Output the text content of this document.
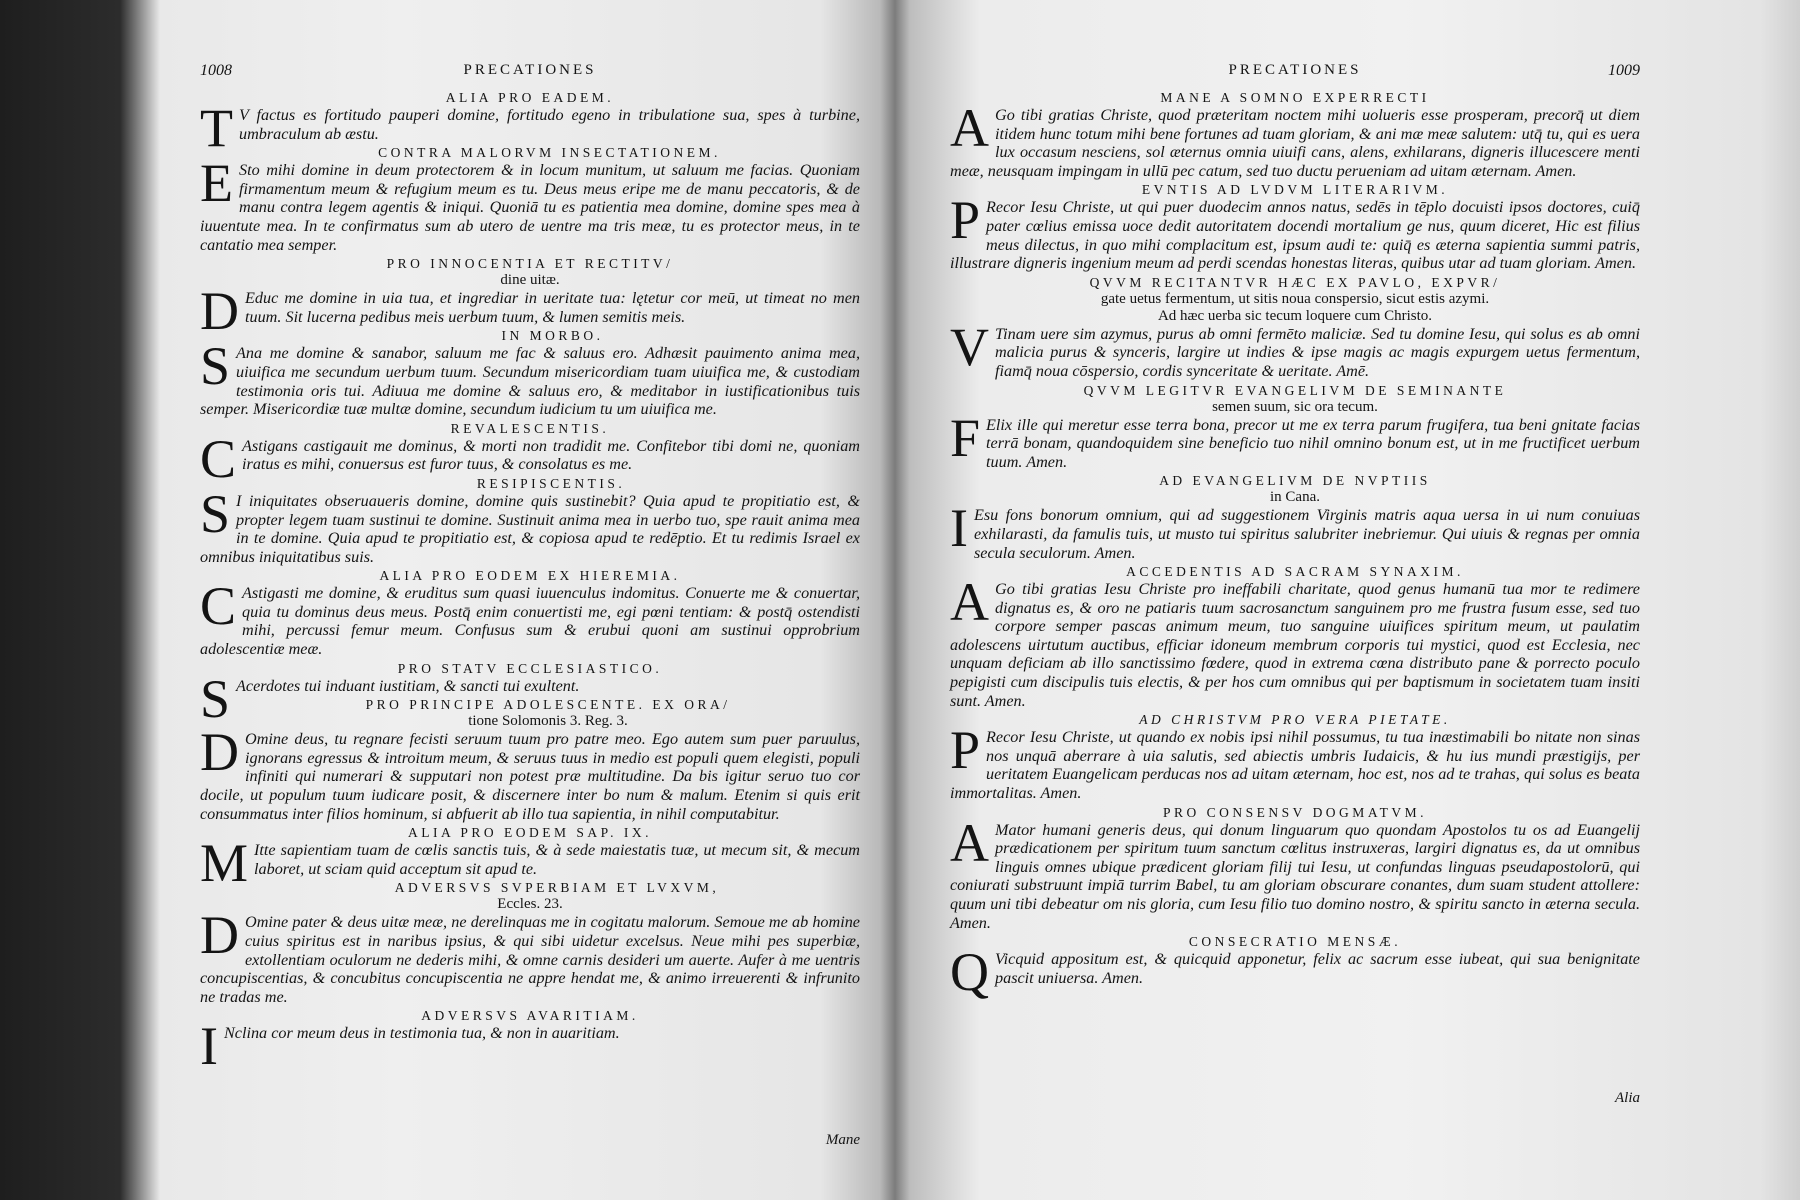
1008	PRECATIONES
ALIA PRO EADEM.

T V factus es fortitudo pauperi domine, fortitudo egeno in tribulatione sua, spes à turbine, umbraculum ab æstu.

CONTRA MALORVM INSECTATIONEM.

E Sto mihi domine in deum protectorem & in locum munitum, ut saluum me facias. Quoniam firmamentum meum & refugium meum es tu. Deus meus eripe me de manu peccatoris, & de manu contra legem agentis & iniqui. Quoniā tu es patientia mea domine, domine spes mea à iuuentute mea. In te confirmatus sum ab utero de uentre ma tris meæ, tu es protector meus, in te cantatio mea semper.

PRO INNOCENTIA ET RECTITV/
dine uitæ.

D Educ me domine in uia tua, et ingrediar in ueritate tua: lętetur cor meū, ut timeat no men tuum. Sit lucerna pedibus meis uerbum tuum, & lumen semitis meis.

IN MORBO.

S Ana me domine & sanabor, saluum me fac & saluus ero. Adhæsit pauimento anima mea, uiuifica me secundum uerbum tuum. Secundum misericordiam tuam uiuifica me, & custodiam testimonia oris tui. Adiuua me domine & saluus ero, & meditabor in iustificationibus tuis semper. Misericordiæ tuæ multæ domine, secundum iudicium tu um uiuifica me.

REVALESCENTIS.

C Astigans castigauit me dominus, & morti non tradidit me. Confitebor tibi domi ne, quoniam iratus es mihi, conuersus est furor tuus, & consolatus es me.

RESIPISCENTIS.

S I iniquitates obseruaueris domine, domine quis sustinebit? Quia apud te propitiatio est, & propter legem tuam sustinui te domine. Sustinuit anima mea in uerbo tuo, spe rauit anima mea in te domine. Quia apud te propitiatio est, & copiosa apud te redēptio. Et tu redimis Israel ex omnibus iniquitatibus suis.

ALIA PRO EODEM EX HIEREMIA.

C Astigasti me domine, & eruditus sum quasi iuuenculus indomitus. Conuerte me & conuertar, quia tu dominus deus meus. Postq̄ enim conuertisti me, egi pœni tentiam: & postq̄ ostendisti mihi, percussi femur meum. Confusus sum & erubui quoni am sustinui opprobrium adolescentiæ meæ.

PRO STATV ECCLESIASTICO.

S Acerdotes tui induant iustitiam, & sancti tui exultent.

PRO PRINCIPE ADOLESCENTE. EX ORA/
tione Solomonis 3. Reg. 3.

D Omine deus, tu regnare fecisti seruum tuum pro patre meo. Ego autem sum puer paruulus, ignorans egressus & introitum meum, & seruus tuus in medio est populi quem elegisti, populi infiniti qui numerari & supputari non potest præ multitudine. Da bis igitur seruo tuo cor docile, ut populum tuum iudicare posit, & discernere inter bo num & malum. Etenim si quis erit consummatus inter filios hominum, si abfuerit ab illo tua sapientia, in nihil computabitur.

ALIA PRO EODEM SAP. IX.

M Itte sapientiam tuam de cœlis sanctis tuis, & à sede maiestatis tuæ, ut mecum sit, & mecum laboret, ut sciam quid acceptum sit apud te.

ADVERSVS SVPERBIAM ET LVXVM,
Eccles. 23.

D Omine pater & deus uitæ meæ, ne derelinquas me in cogitatu malorum. Semoue me ab homine cuius spiritus est in naribus ipsius, & qui sibi uidetur excelsus. Neue mihi pes superbiæ, extollentiam oculorum ne dederis mihi, & omne carnis desideri um auerte. Aufer à me uentris concupiscentias, & concubitus concupiscentia ne appre hendat me, & animo irreuerenti & infrunito ne tradas me.

ADVERSVS AVARITIAM.

I Nclina cor meum deus in testimonia tua, & non in auaritiam.

Mane
PRECATIONES	1009
MANE A SOMNO EXPERRECTI

A Go tibi gratias Christe, quod præteritam noctem mihi uolueris esse prosperam, precorq̄ ut diem itidem hunc totum mihi bene fortunes ad tuam gloriam, & ani mæ meæ salutem: utq̄ tu, qui es uera lux occasum nesciens, sol æternus omnia uiuifi cans, alens, exhilarans, digneris illucescere menti meæ, neusquam impingam in ullū pec catum, sed tuo ductu perueniam ad uitam æternam. Amen.

EVNTIS AD LVDVM LITERARIVM.

P Recor Iesu Christe, ut qui puer duodecim annos natus, sedēs in tēplo docuisti ipsos doctores, cuiq̄ pater cœlius emissa uoce dedit autoritatem docendi mortalium ge nus, quum diceret, Hic est filius meus dilectus, in quo mihi complacitum est, ipsum audi te: quiq̄ es æterna sapientia summi patris, illustrare digneris ingenium meum ad perdi scendas honestas literas, quibus utar ad tuam gloriam. Amen.

QVVM RECITANTVR HÆC EX PAVLO, EXPVR/
gate uetus fermentum, ut sitis noua conspersio, sicut estis azymi.
Ad hæc uerba sic tecum loquere cum Christo.

V Tinam uere sim azymus, purus ab omni fermēto maliciæ. Sed tu domine Iesu, qui solus es ab omni malicia purus & synceris, largire ut indies & ipse magis ac magis expurgem uetus fermentum, fiamq̄ noua cōspersio, cordis synceritate & ueritate. Amē.

QVVM LEGITVR EVANGELIVM DE SEMINANTE
semen suum, sic ora tecum.

F Elix ille qui meretur esse terra bona, precor ut me ex terra parum frugifera, tua beni gnitate facias terrā bonam, quandoquidem sine beneficio tuo nihil omnino bonum est, ut in me fructificet uerbum tuum. Amen.

AD EVANGELIVM DE NVPTIIS
in Cana.

I Esu fons bonorum omnium, qui ad suggestionem Virginis matris aqua uersa in ui num conuiuas exhilarasti, da famulis tuis, ut musto tui spiritus salubriter inebriemur. Qui uiuis & regnas per omnia secula seculorum. Amen.

ACCEDENTIS AD SACRAM SYNAXIM.

A Go tibi gratias Iesu Christe pro ineffabili charitate, quod genus humanū tua mor te redimere dignatus es, & oro ne patiaris tuum sacrosanctum sanguinem pro me frustra fusum esse, sed tuo corpore semper pascas animum meum, tuo sanguine uiuifices spiritum meum, ut paulatim adolescens uirtutum auctibus, efficiar idoneum membrum corporis tui mystici, quod est Ecclesia, nec unquam deficiam ab illo sanctissimo fœdere, quod in extrema cœna distributo pane & porrecto poculo pepigisti cum discipulis tuis electis, & per hos cum omnibus qui per baptismum in societatem tuam insiti sunt. Amen.

AD CHRISTVM PRO VERA PIETATE.

P Recor Iesu Christe, ut quando ex nobis ipsi nihil possumus, tu tua inæstimabili bo nitate non sinas nos unquā aberrare à uia salutis, sed abiectis umbris Iudaicis, & hu ius mundi præstigijs, per ueritatem Euangelicam perducas nos ad uitam æternam, hoc est, nos ad te trahas, qui solus es beata immortalitas. Amen.

PRO CONSENSV DOGMATVM.

A Mator humani generis deus, qui donum linguarum quo quondam Apostolos tu os ad Euangelij prædicationem per spiritum tuum sanctum cœlitus instruxeras, largiri dignatus es, da ut omnibus linguis omnes ubique prædicent gloriam filij tui Iesu, ut confundas linguas pseudapostolorū, qui coniurati substruunt impiā turrim Babel, tu am gloriam obscurare conantes, dum suam student attollere: quum uni tibi debeatur om nis gloria, cum Iesu filio tuo domino nostro, & spiritu sancto in æterna secula. Amen.

CONSECRATIO MENSÆ.

Q Vicquid appositum est, & quicquid apponetur, felix ac sacrum esse iubeat, qui sua benignitate pascit uniuersa. Amen.

Alia
